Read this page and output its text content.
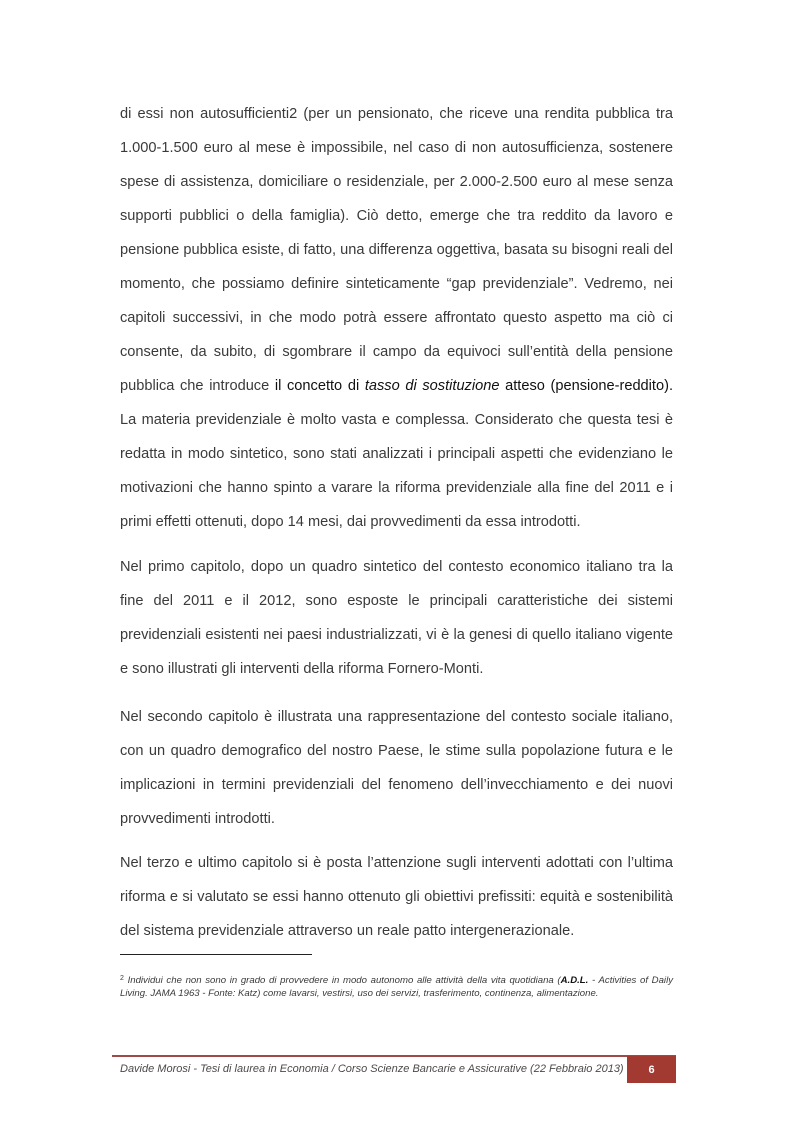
di essi non autosufficienti2 (per un pensionato, che riceve una rendita pubblica tra 1.000-1.500 euro al mese è impossibile, nel caso di non autosufficienza, sostenere spese di assistenza, domiciliare o residenziale, per 2.000-2.500 euro al mese senza supporti pubblici o della famiglia). Ciò detto, emerge che tra reddito da lavoro e pensione pubblica esiste, di fatto, una differenza oggettiva, basata su bisogni reali del momento, che possiamo definire sinteticamente “gap previdenziale”. Vedremo, nei capitoli successivi, in che modo potrà essere affrontato questo aspetto ma ciò ci consente, da subito, di sgombrare il campo da equivoci sull’entità della pensione pubblica che introduce il concetto di tasso di sostituzione atteso (pensione-reddito). La materia previdenziale è molto vasta e complessa. Considerato che questa tesi è redatta in modo sintetico, sono stati analizzati i principali aspetti che evidenziano le motivazioni che hanno spinto a varare la riforma previdenziale alla fine del 2011 e i primi effetti ottenuti, dopo 14 mesi, dai provvedimenti da essa introdotti.

Nel primo capitolo, dopo un quadro sintetico del contesto economico italiano tra la fine del 2011 e il 2012, sono esposte le principali caratteristiche dei sistemi previdenziali esistenti nei paesi industrializzati, vi è la genesi di quello italiano vigente e sono illustrati gli interventi della riforma Fornero-Monti.

Nel secondo capitolo è illustrata una rappresentazione del contesto sociale italiano, con un quadro demografico del nostro Paese, le stime sulla popolazione futura e le implicazioni in termini previdenziali del fenomeno dell’invecchiamento e dei nuovi provvedimenti introdotti.

Nel terzo e ultimo capitolo si è posta l’attenzione sugli interventi adottati con l’ultima riforma e si valutato se essi hanno ottenuto gli obiettivi prefissiti: equità e sostenibilità del sistema previdenziale attraverso un reale patto intergenerazionale.

$^2$ Individui che non sono in grado di provvedere in modo autonomo alle attività della vita quotidiana (A.D.L. - Activities of Daily Living. JAMA 1963 - Fonte: Katz) come lavarsi, vestirsi, uso dei servizi, trasferimento, continenza, alimentazione.

Davide Morosi - Tesi di laurea in Economia / Corso Scienze Bancarie e Assicurative (22 Febbraio 2013) 6
